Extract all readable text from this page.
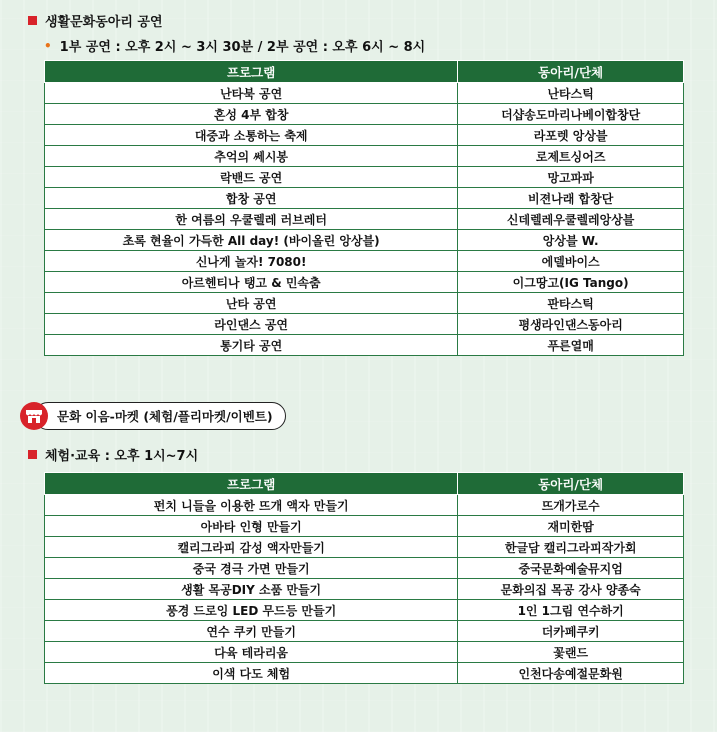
생활문화동아리 공연
• 1부 공연 : 오후 2시 ~ 3시 30분 / 2부 공연 : 오후 6시 ~ 8시
프로그램	동아리/단체
난타북 공연	난타스틱
혼성 4부 합창	더샵송도마리나베이합창단
대중과 소통하는 축제	라포렛 앙상블
추억의 쎄시봉	로제트싱어즈
락밴드 공연	망고파파
합창 공연	비젼나래 합창단
한 여름의 우쿨렐레 러브레터	신데렐레우쿨렐레앙상블
초록 현율이 가득한 All day! (바이올린 앙상블)	앙상블 W.
신나게 놀자! 7080!	에델바이스
아르헨티나 탱고 & 민속춤	이그땅고(IG Tango)
난타 공연	판타스틱
라인댄스 공연	평생라인댄스동아리
통기타 공연	푸른열매
문화 이음-마켓 (체험/플리마켓/이벤트)
체험·교육 : 오후 1시~7시
프로그램	동아리/단체
펀치 니들을 이용한 뜨개 액자 만들기	뜨개가로수
아바타 인형 만들기	재미한땀
캘리그라피 감성 액자만들기	한글담 캘리그라피작가회
중국 경극 가면 만들기	중국문화예술뮤지엄
생활 목공DIY 소품 만들기	문화의집 목공 강사 양종숙
풍경 드로잉 LED 무드등 만들기	1인 1그림 연수하기
연수 쿠키 만들기	더카페쿠키
다육 테라리움	꽃랜드
이색 다도 체험	인천다송예절문화원
